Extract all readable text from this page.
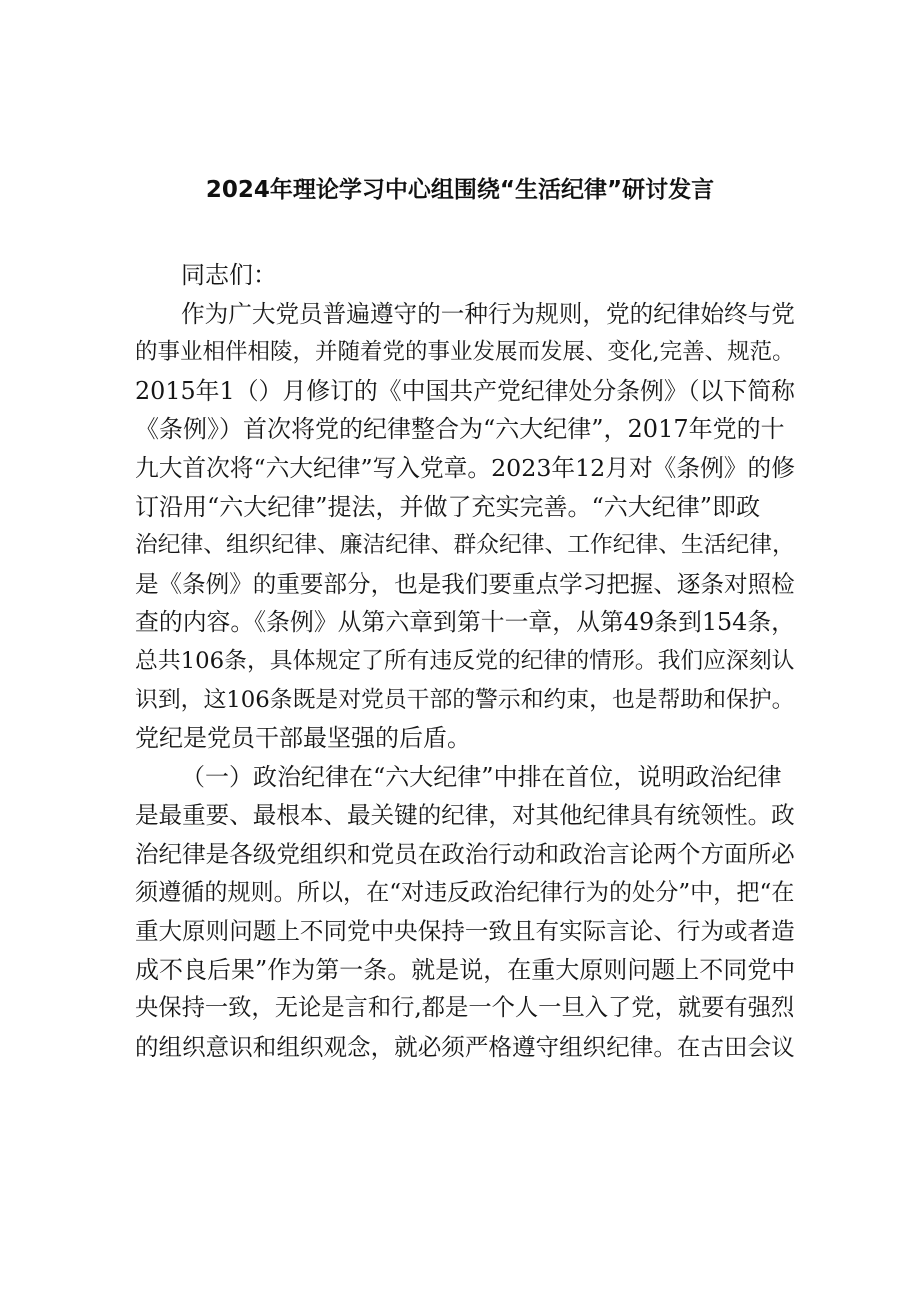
2024年理论学习中心组围绕“生活纪律”研讨发言
同志们：
作为广大党员普遍遵守的一种行为规则，党的纪律始终与党
的事业相伴相陵，并随着党的事业发展而发展、变化,完善、规范。
2015年1（）月修订的《中国共产党纪律处分条例》（以下简称
《条例》）首次将党的纪律整合为“六大纪律”，2017年党的十
九大首次将“六大纪律”写入党章。2023年12月对《条例》的修
订沿用“六大纪律”提法，并做了充实完善。“六大纪律”即政
治纪律、组织纪律、廉洁纪律、群众纪律、工作纪律、生活纪律，
是《条例》的重要部分，也是我们要重点学习把握、逐条对照检
查的内容。《条例》从第六章到第十一章，从第49条到154条，
总共106条，具体规定了所有违反党的纪律的情形。我们应深刻认
识到，这106条既是对党员干部的警示和约束，也是帮助和保护。
党纪是党员干部最坚强的后盾。
（一）政治纪律在“六大纪律”中排在首位，说明政治纪律
是最重要、最根本、最关键的纪律，对其他纪律具有统领性。政
治纪律是各级党组织和党员在政治行动和政治言论两个方面所必
须遵循的规则。所以，在“对违反政治纪律行为的处分”中，把“在
重大原则问题上不同党中央保持一致且有实际言论、行为或者造
成不良后果”作为第一条。就是说，在重大原则问题上不同党中
央保持一致，无论是言和行,都是一个人一旦入了党，就要有强烈
的组织意识和组织观念，就必须严格遵守组织纪律。在古田会议
